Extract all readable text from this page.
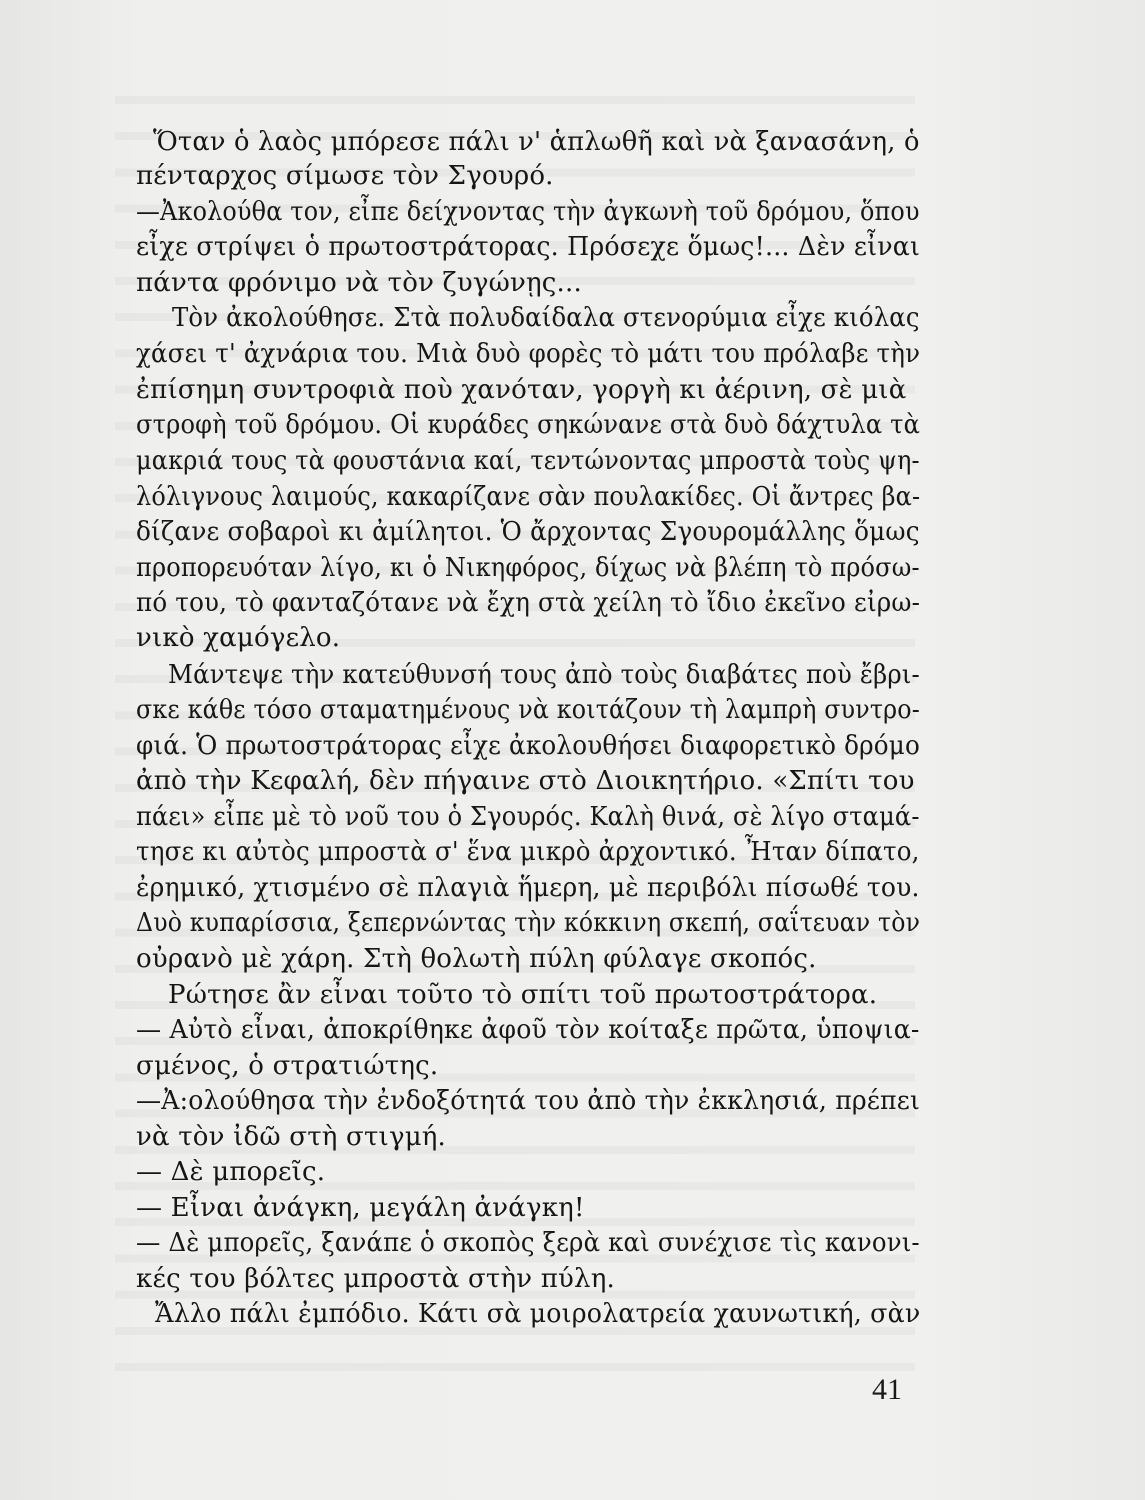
Ὅταν ὁ λαὸς μπόρεσε πάλι ν' ἁπλωθῆ καὶ νὰ ξανασάνη, ὁ
πένταρχος σίμωσε τὸν Σγουρό.
—Ἀκολούθα τον, εἶπε δείχνοντας τὴν ἀγκωνὴ τοῦ δρόμου, ὅπου
εἶχε στρίψει ὁ πρωτοστράτορας. Πρόσεχε ὅμως!... Δὲν εἶναι
πάντα φρόνιμο νὰ τὸν ζυγώνῃς...
Τὸν ἀκολούθησε. Στὰ πολυδαίδαλα στενορύμια εἶχε κιόλας
χάσει τ' ἀχνάρια του. Μιὰ δυὸ φορὲς τὸ μάτι του πρόλαβε τὴν
ἐπίσημη συντροφιὰ ποὺ χανόταν, γοργὴ κι ἀέρινη, σὲ μιὰ
στροφὴ τοῦ δρόμου. Οἱ κυράδες σηκώνανε στὰ δυὸ δάχτυλα τὰ
μακριά τους τὰ φουστάνια καί, τεντώνοντας μπροστὰ τοὺς ψη-
λόλιγνους λαιμούς, κακαρίζανε σὰν πουλακίδες. Οἱ ἄντρες βα-
δίζανε σοβαροὶ κι ἀμίλητοι. Ὁ ἄρχοντας Σγουρομάλλης ὅμως
προπορευόταν λίγο, κι ὁ Νικηφόρος, δίχως νὰ βλέπη τὸ πρόσω-
πό του, τὸ φανταζότανε νὰ ἔχη στὰ χείλη τὸ ἴδιο ἐκεῖνο εἰρω-
νικὸ χαμόγελο.
Μάντεψε τὴν κατεύθυνσή τους ἀπὸ τοὺς διαβάτες ποὺ ἔβρι-
σκε κάθε τόσο σταματημένους νὰ κοιτάζουν τὴ λαμπρὴ συντρο-
φιά. Ὁ πρωτοστράτορας εἶχε ἀκολουθήσει διαφορετικὸ δρόμο
ἀπὸ τὴν Κεφαλή, δὲν πήγαινε στὸ Διοικητήριο. «Σπίτι του
πάει» εἶπε μὲ τὸ νοῦ του ὁ Σγουρός. Καλὴ θινά, σὲ λίγο σταμά-
τησε κι αὐτὸς μπροστὰ σ' ἕνα μικρὸ ἀρχοντικό. Ἦταν δίπατο,
ἐρημικό, χτισμένο σὲ πλαγιὰ ἥμερη, μὲ περιβόλι πίσωθέ του.
Δυὸ κυπαρίσσια, ξεπερνώντας τὴν κόκκινη σκεπή, σαΐτευαν τὸν
οὐρανὸ μὲ χάρη. Στὴ θολωτὴ πύλη φύλαγε σκοπός.
Ρώτησε ἂν εἶναι τοῦτο τὸ σπίτι τοῦ πρωτοστράτορα.
— Αὐτὸ εἶναι, ἀποκρίθηκε ἀφοῦ τὸν κοίταξε πρῶτα, ὑποψια-
σμένος, ὁ στρατιώτης.
—Ἀ:ολούθησα τὴν ἐνδοξότητά του ἀπὸ τὴν ἐκκλησιά, πρέπει
νὰ τὸν ἰδῶ στὴ στιγμή.
— Δὲ μπορεῖς.
— Εἶναι ἀνάγκη, μεγάλη ἀνάγκη!
— Δὲ μπορεῖς, ξανάπε ὁ σκοπὸς ξερὰ καὶ συνέχισε τὶς κανονι-
κές του βόλτες μπροστὰ στὴν πύλη.
Ἄλλο πάλι ἐμπόδιο. Κάτι σὰ μοιρολατρεία χαυνωτική, σὰν
41
